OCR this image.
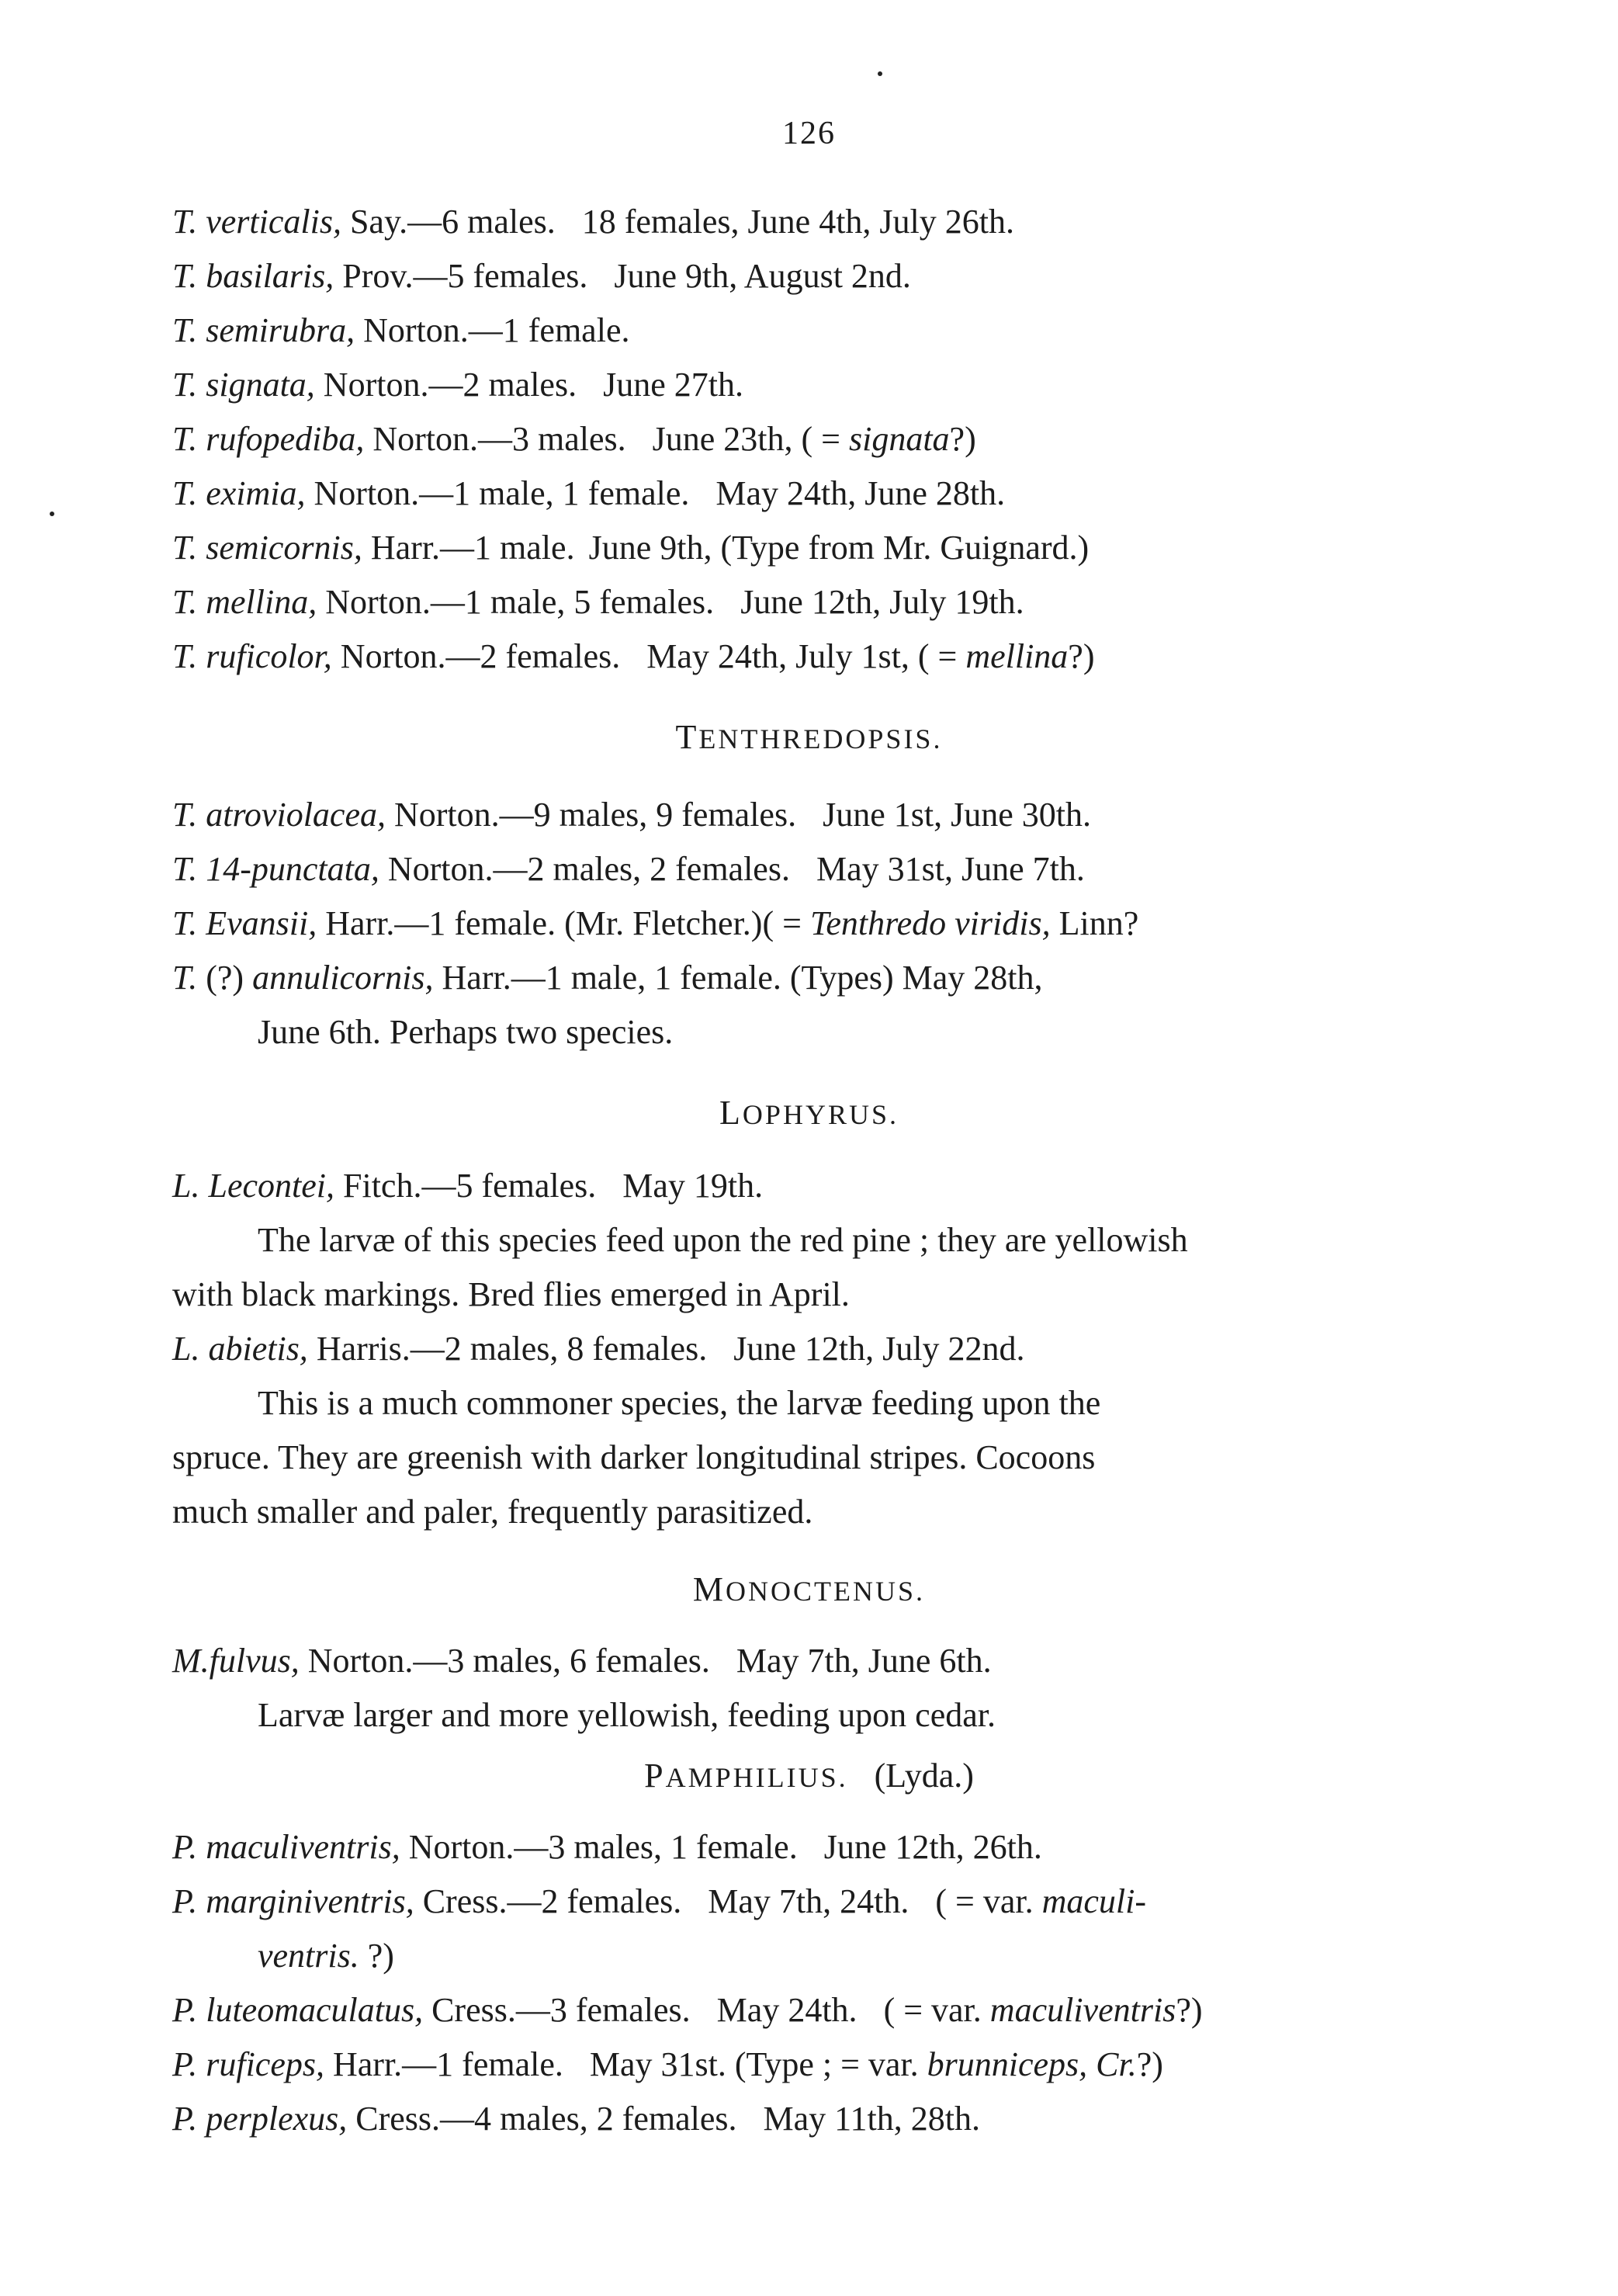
126
T. verticalis, Say.—6 males. 18 females, June 4th, July 26th.
T. basilaris, Prov.—5 females. June 9th, August 2nd.
T. semirubra, Norton.—1 female.
T. signata, Norton.—2 males. June 27th.
T. rufopediba, Norton.—3 males. June 23th, ( = signata?)
T. eximia, Norton.—1 male, 1 female. May 24th, June 28th.
T. semicornis, Harr.—1 male. June 9th, (Type from Mr. Guignard.)
T. mellina, Norton.—1 male, 5 females. June 12th, July 19th.
T. ruficolor, Norton.—2 females. May 24th, July 1st, ( = mellina?)
TENTHREDOPSIS.
T. atroviolacea, Norton.—9 males, 9 females. June 1st, June 30th.
T. 14-punctata, Norton.—2 males, 2 females. May 31st, June 7th.
T. Evansii, Harr.—1 female. (Mr. Fletcher.)( = Tenthredo viridis, Linn?
T. (?) annulicornis, Harr.—1 male, 1 female. (Types) May 28th,
June 6th. Perhaps two species.
LOPHYRUS.
L. Lecontei, Fitch.—5 females. May 19th.
The larvæ of this species feed upon the red pine ; they are yellowish
with black markings. Bred flies emerged in April.
L. abietis, Harris.—2 males, 8 females. June 12th, July 22nd.
This is a much commoner species, the larvæ feeding upon the
spruce. They are greenish with darker longitudinal stripes. Cocoons
much smaller and paler, frequently parasitized.
MONOCTENUS.
M.fulvus, Norton.—3 males, 6 females. May 7th, June 6th.
Larvæ larger and more yellowish, feeding upon cedar.
PAMPHILIUS. (Lyda.)
P. maculiventris, Norton.—3 males, 1 female. June 12th, 26th.
P. marginiventris, Cress.—2 females. May 7th, 24th. ( = var. maculi-
ventris. ?)
P. luteomaculatus, Cress.—3 females. May 24th. ( = var. maculiventris?)
P. ruficeps, Harr.—1 female. May 31st. (Type ; = var. brunniceps, Cr.?)
P. perplexus, Cress.—4 males, 2 females. May 11th, 28th.
